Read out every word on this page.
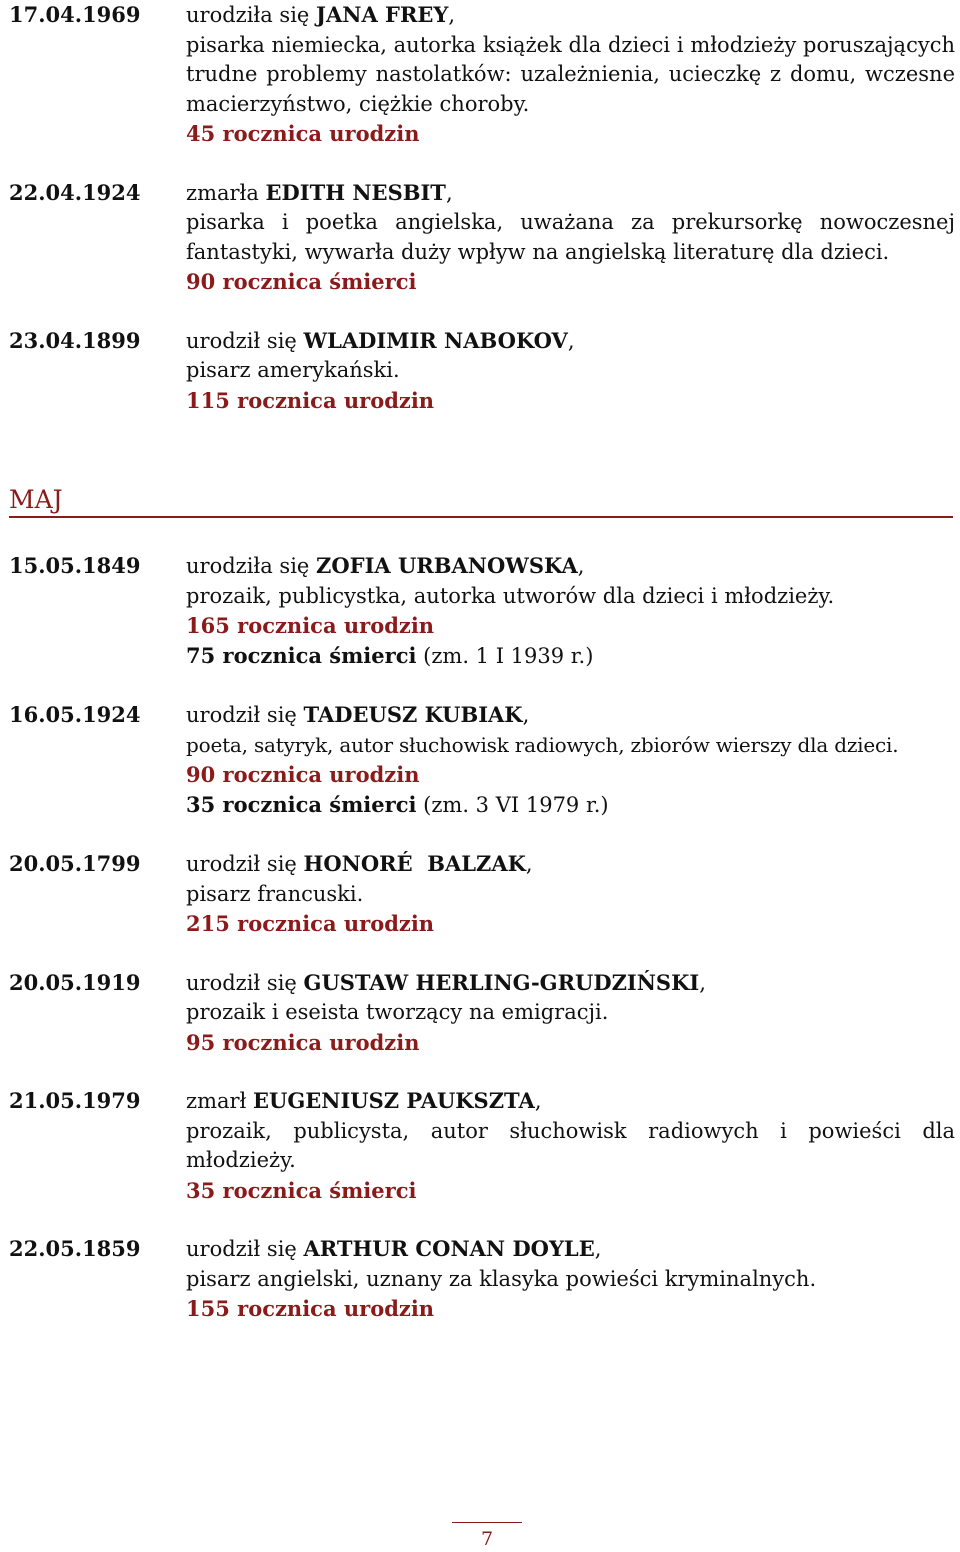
17.04.1969	urodziła się JANA FREY,
pisarka niemiecka, autorka książek dla dzieci i młodzieży poruszających trudne problemy nastolatków: uzależnienia, ucieczkę z domu, wczesne macierzyństwo, ciężkie choroby.
45 rocznica urodzin
22.04.1924	zmarła EDITH NESBIT,
pisarka i poetka angielska, uważana za prekursorkę nowoczesnej fantastyki, wywarła duży wpływ na angielską literaturę dla dzieci.
90 rocznica śmierci
23.04.1899	urodził się WLADIMIR NABOKOV,
pisarz amerykański.
115 rocznica urodzin
MAJ
15.05.1849	urodziła się ZOFIA URBANOWSKA,
prozaik, publicystka, autorka utworów dla dzieci i młodzieży.
165 rocznica urodzin
75 rocznica śmierci (zm. 1 I 1939 r.)
16.05.1924	urodził się TADEUSZ KUBIAK,
poeta, satyryk, autor słuchowisk radiowych, zbiorów wierszy dla dzieci.
90 rocznica urodzin
35 rocznica śmierci (zm. 3 VI 1979 r.)
20.05.1799	urodził się HONORÉ  BALZAK,
pisarz francuski.
215 rocznica urodzin
20.05.1919	urodził się GUSTAW HERLING-GRUDZIŃSKI,
prozaik i eseista tworzący na emigracji.
95 rocznica urodzin
21.05.1979	zmarł EUGENIUSZ PAUKSZTA,
prozaik, publicysta, autor słuchowisk radiowych i powieści dla młodzieży.
35 rocznica śmierci
22.05.1859	urodził się ARTHUR CONAN DOYLE,
pisarz angielski, uznany za klasyka powieści kryminalnych.
155 rocznica urodzin
7
